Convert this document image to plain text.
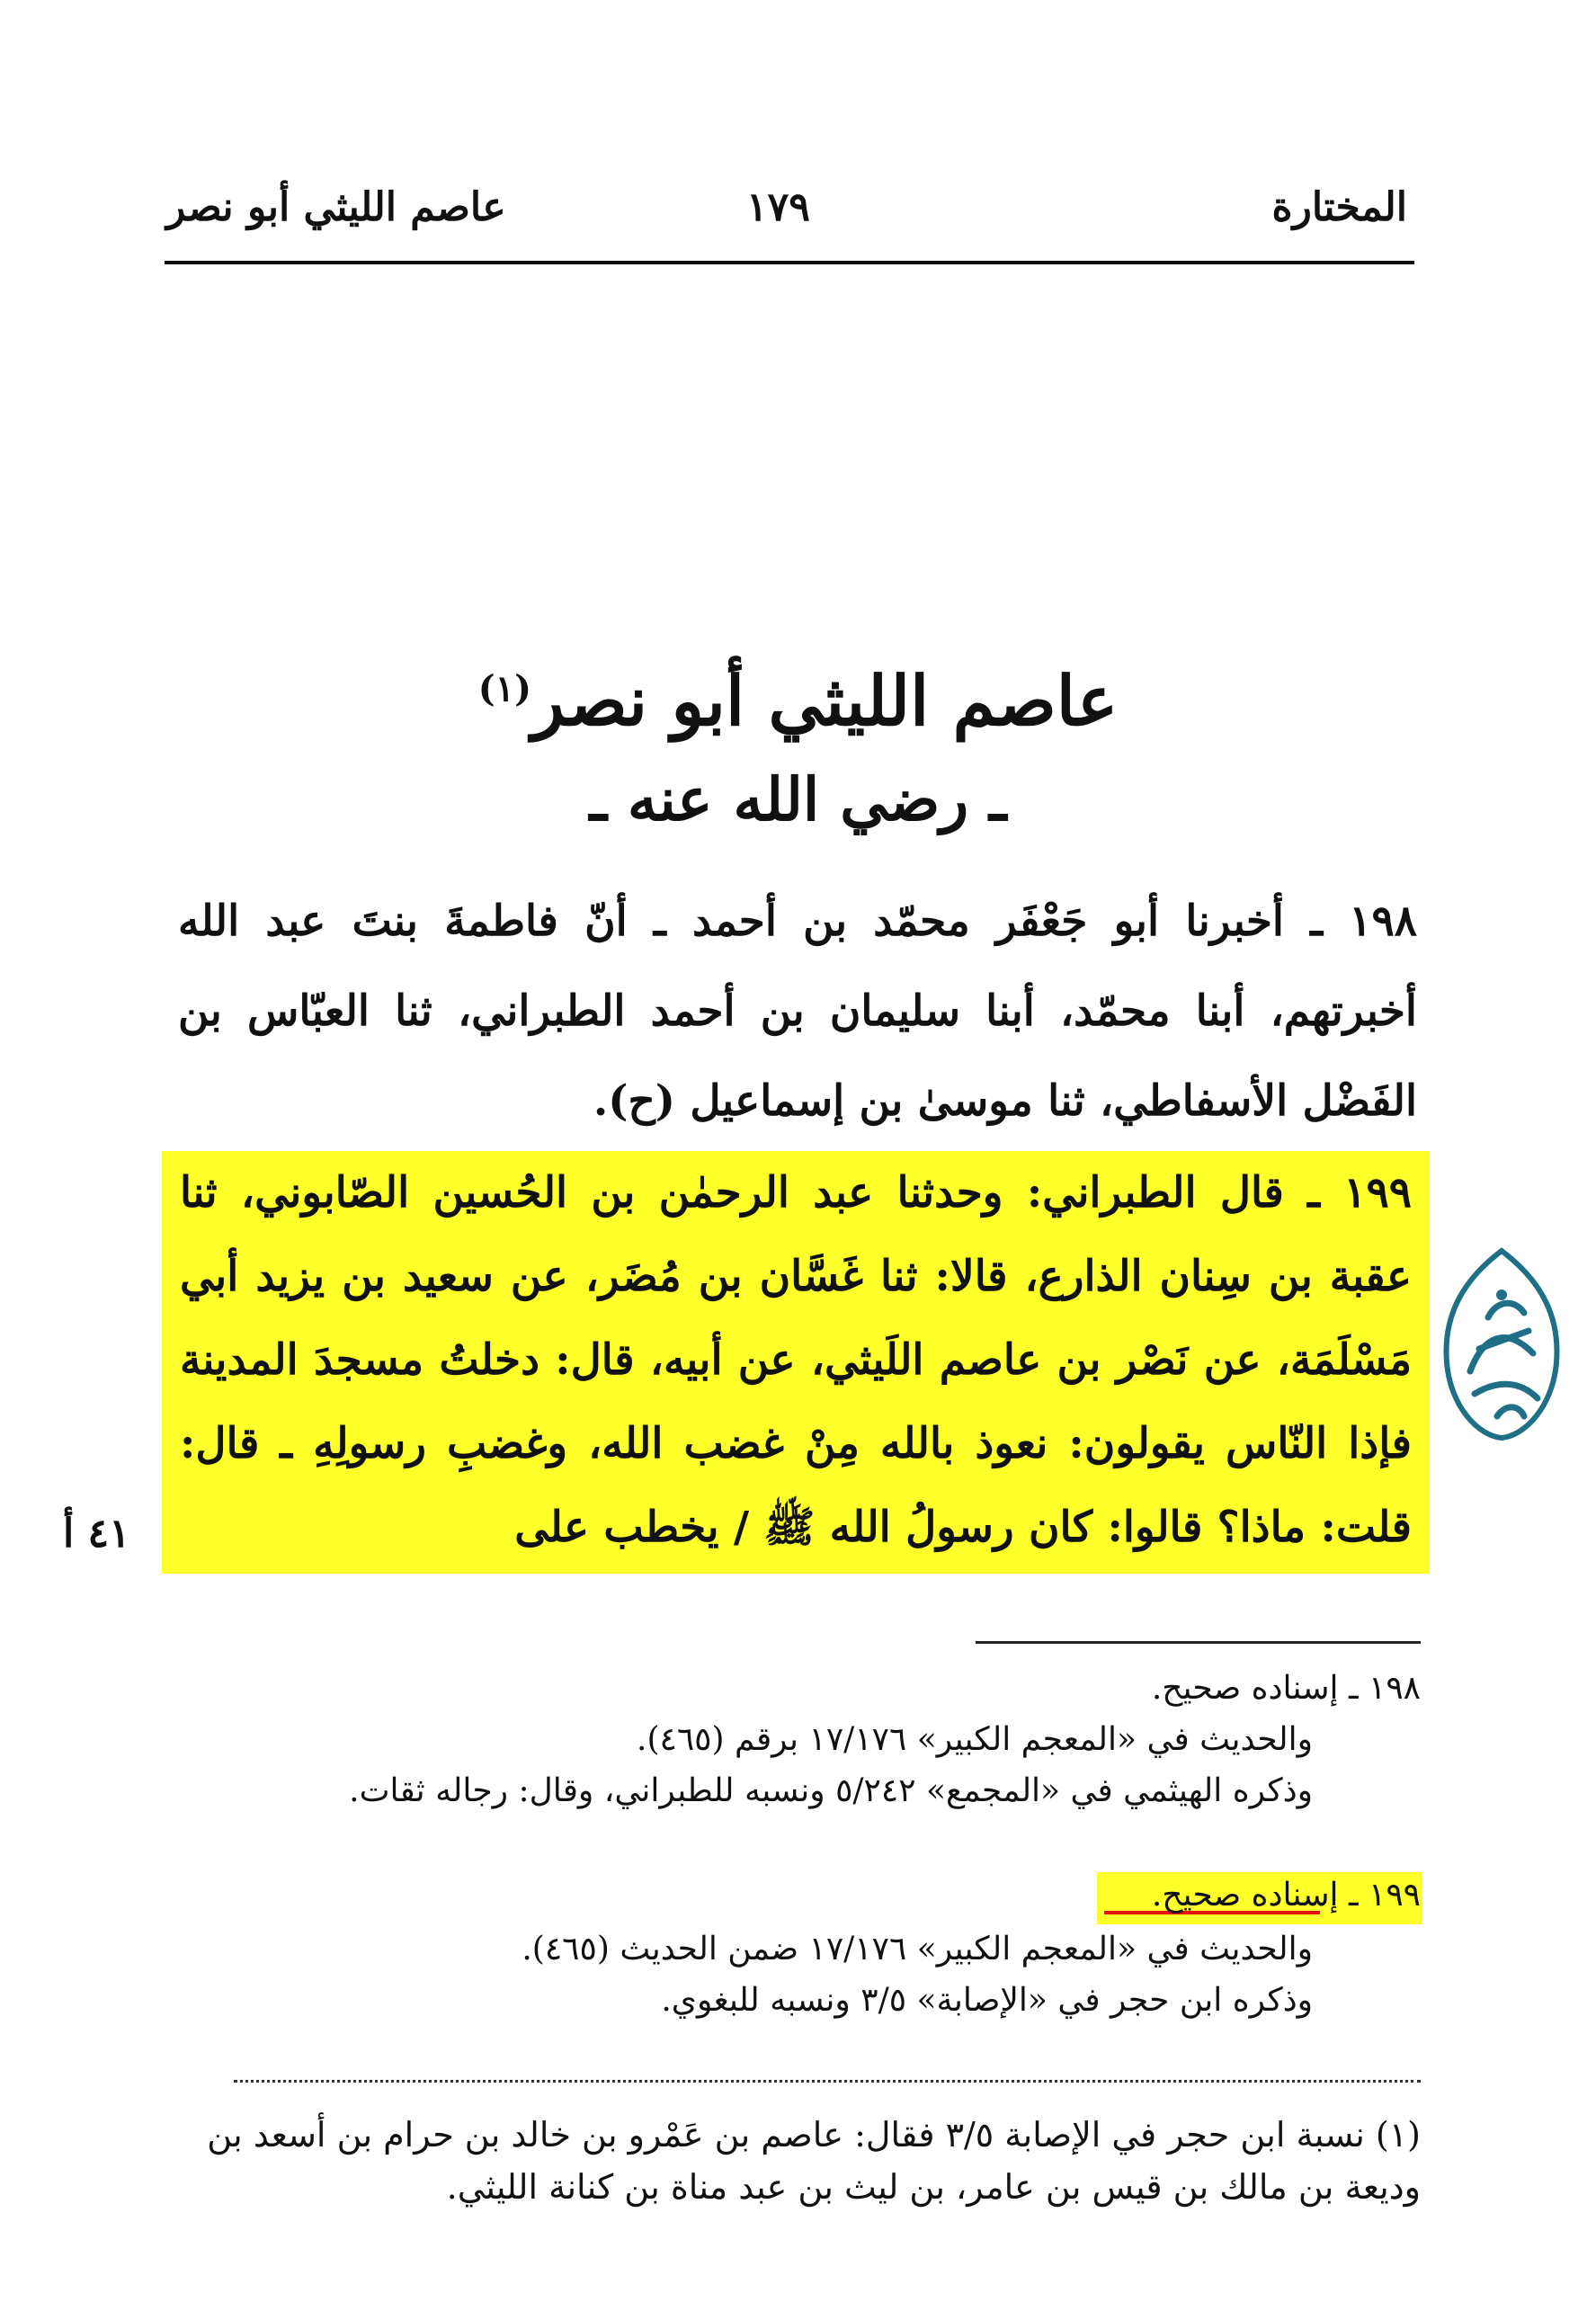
المختارة
١٧٩
عاصم الليثي أبو نصر
عاصم الليثي أبو نصر$^{(١)}$
ـ رضي الله عنه ـ
١٩٨ ـ أخبرنا أبو جَعْفَر محمّد بن أحمد ـ أنّ فاطمةَ بنتَ عبد الله أخبرتهم، أبنا محمّد، أبنا سليمان بن أحمد الطبراني، ثنا العبّاس بن الفَضْل الأسفاطي، ثنا موسىٰ بن إسماعيل (ح).
١٩٩ ـ قال الطبراني: وحدثنا عبد الرحمٰن بن الحُسين الصّابوني، ثنا عقبة بن سِنان الذارع، قالا: ثنا غَسَّان بن مُضَر، عن سعيد بن يزيد أبي مَسْلَمَة، عن نَصْر بن عاصم اللَيثي، عن أبيه، قال: دخلتُ مسجدَ المدينة فإذا النّاس يقولون: نعوذ بالله مِنْ غضب الله، وغضبِ رسولِهِ ـ قال: قلت: ماذا؟ قالوا: كان رسولُ الله ﷺ / يخطب على
٤١ أ
١٩٨ ـ إسناده صحيح.
والحديث في «المعجم الكبير» ١٧/١٧٦ برقم (٤٦٥).
وذكره الهيثمي في «المجمع» ٥/٢٤٢ ونسبه للطبراني، وقال: رجاله ثقات.
١٩٩ ـ إسناده صحيح.
والحديث في «المعجم الكبير» ١٧/١٧٦ ضمن الحديث (٤٦٥).
وذكره ابن حجر في «الإصابة» ٣/٥ ونسبه للبغوي.
(١) نسبة ابن حجر في الإصابة ٣/٥ فقال: عاصم بن عَمْرو بن خالد بن حرام بن أسعد بن وديعة بن مالك بن قيس بن عامر، بن ليث بن عبد مناة بن كنانة الليثي.
